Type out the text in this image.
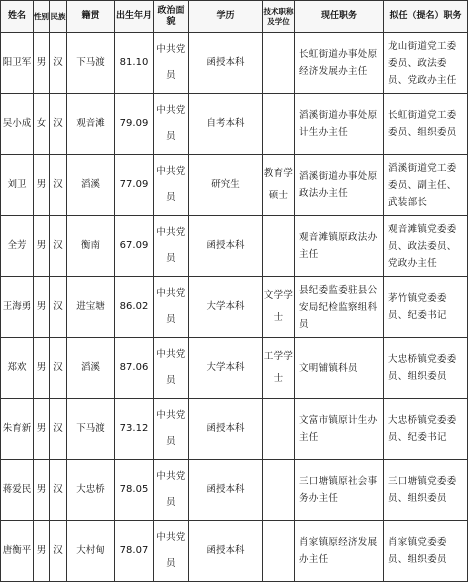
姓名	性别	民族	籍贯	出生年月	政治面貌	学历	技术职称及学位	现任职务	拟任（提名）职务
阳卫军	男	汉	下马渡	81.10	中共党员	函授本科		长虹街道办事处原经济发展办主任	龙山街道党工委委员、政法委员、党政办主任
吴小成	女	汉	观音滩	79.09	中共党员	自考本科		滔溪街道办事处原计生办主任	长虹街道党工委委员、组织委员
刘卫	男	汉	滔溪	77.09	中共党员	研究生	教育学硕士	滔溪街道办事处原政法办主任	滔溪街道党工委委员、副主任、武装部长
全芳	男	汉	衡南	67.09	中共党员	函授本科		观音滩镇原政法办主任	观音滩镇党委委员、政法委员、党政办主任
王海勇	男	汉	进宝塘	86.02	中共党员	大学本科	文学学士	县纪委监委驻县公安局纪检监察组科员	茅竹镇党委委员、纪委书记
郑欢	男	汉	滔溪	87.06	中共党员	大学本科	工学学士	文明铺镇科员	大忠桥镇党委委员、组织委员
朱育新	男	汉	下马渡	73.12	中共党员	函授本科		文富市镇原计生办主任	大忠桥镇党委委员、纪委书记
蒋爱民	男	汉	大忠桥	78.05	中共党员	函授本科		三口塘镇原社会事务办主任	三口塘镇党委委员、组织委员
唐衡平	男	汉	大村甸	78.07	中共党员	函授本科		肖家镇原经济发展办主任	肖家镇党委委员、组织委员
